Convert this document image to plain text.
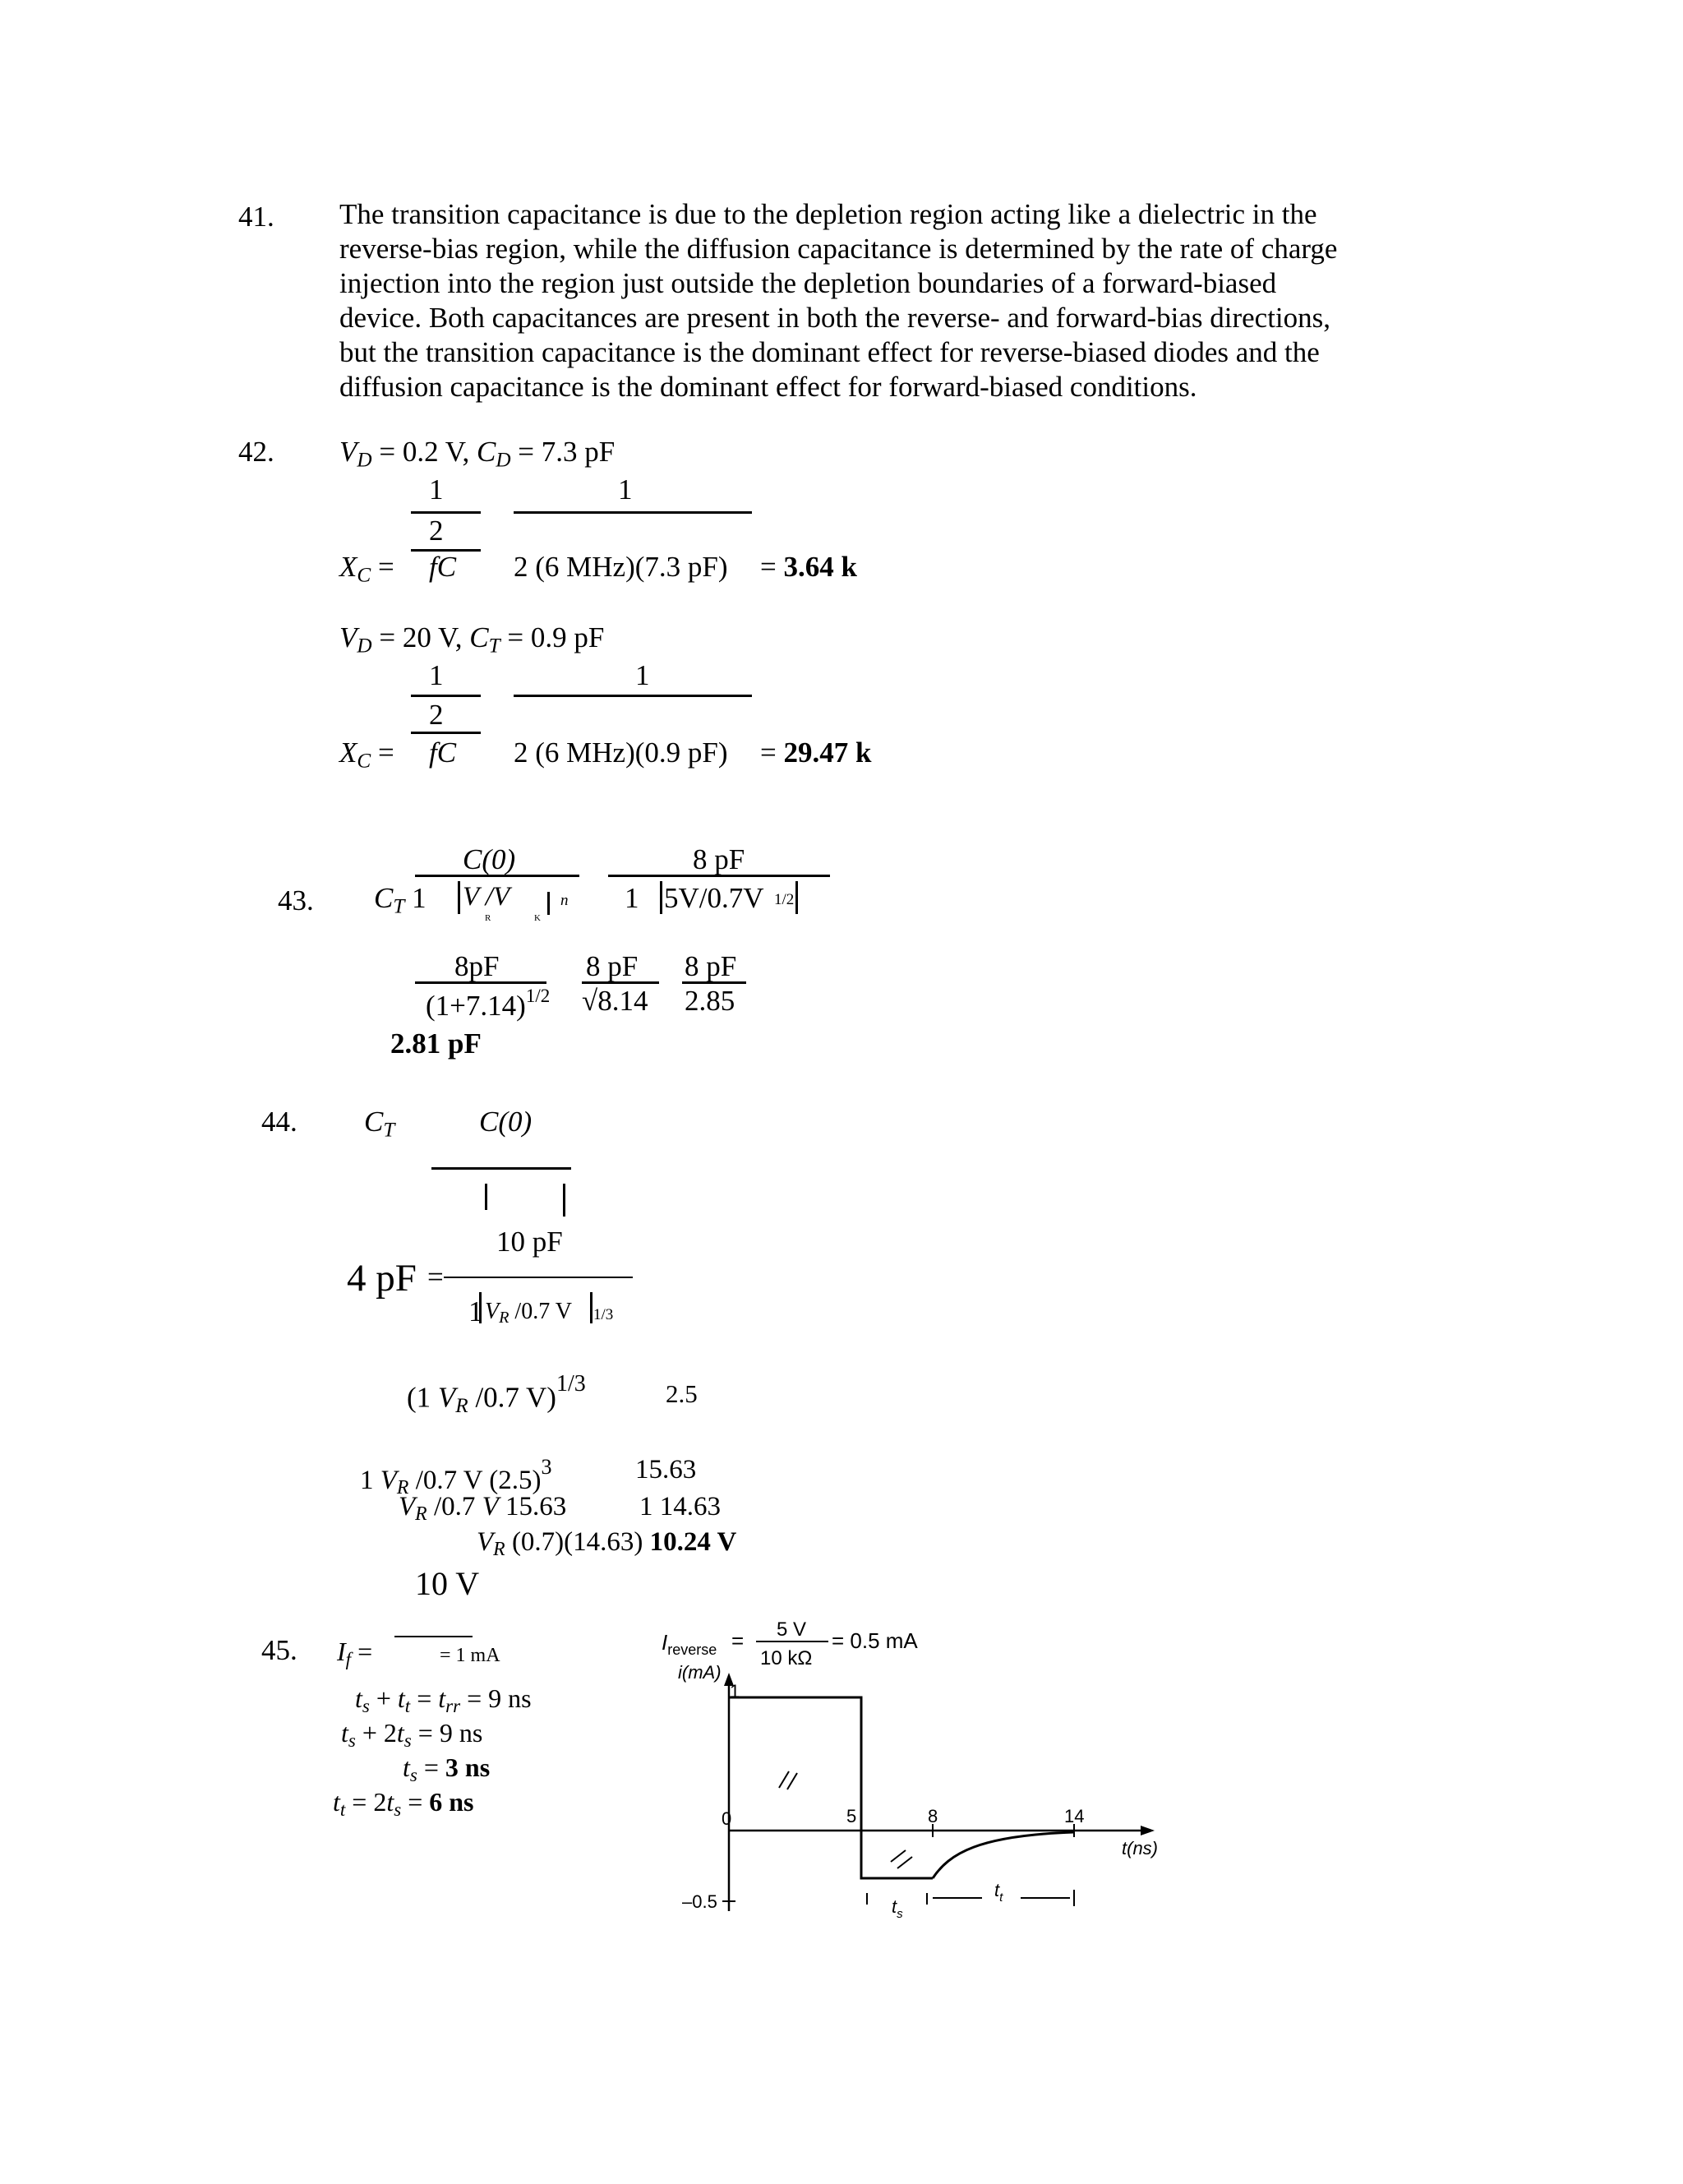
41. The transition capacitance is due to the depletion region acting like a dielectric in the
reverse-bias region, while the diffusion capacitance is determined by the rate of charge
injection into the region just outside the depletion boundaries of a forward-biased
device. Both capacitances are present in both the reverse- and forward-bias directions,
but the transition capacitance is the dominant effect for reverse-biased diodes and the
diffusion capacitance is the dominant effect for forward-biased conditions.

42. $V_D = 0.2$ V, $C_D = 7.3$ pF
1	1
2
$X_C$ = fC 2 (6 MHz)(7.3 pF) = 3.64 k
$V_D = 20$ V, $C_T = 0.9$ pF
1	1
2
$X_C$ = fC 2 (6 MHz)(0.9 pF) = 29.47 k
43.
C(0)	8 pF
$C_T$ 1 V /V
R	K
n 1 5V/0.7V 1/2
8pF
$(1+7.14)^{1/2}$
8 pF
√8.14
8 pF
2.85
2.81 pF
44. $C_T$	C(0)
10 pF
4 pF =
1 $V_R$ /0.7 V 1/3
(1 $V_R$ /0.7 V)$^{1/3}$	2.5
1 $V_R$ /0.7 V $(2.5)^3$	15.63
$V_R$ /0.7 V 15.63	1 14.63
$V_R$ (0.7)(14.63) 10.24 V
10 V
45. $I_f$ =	= 1 mA
$t_s + t_t = t_{rr} = 9$ ns
$t_s + 2t_s = 9$ ns
$t_s = 3$ ns
$t_t = 2t_s = 6$ ns
$I_{reverse} = 5$ V
10 kΩ
= 0.5 mA
i(mA)
1
0
–0.5
t(ns)
5	8	14
$t_s$
$t_t$
